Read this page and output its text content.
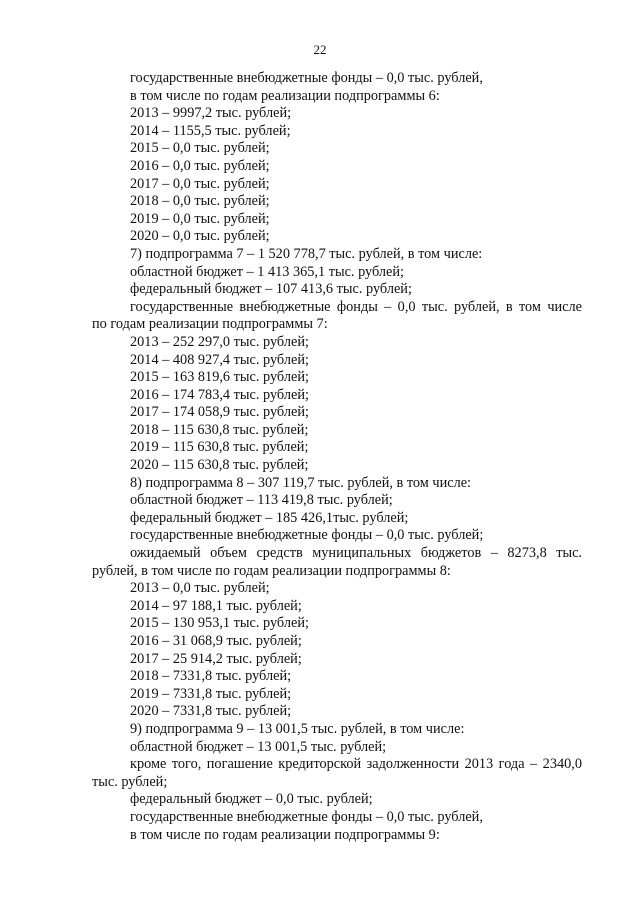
22
государственные внебюджетные фонды – 0,0 тыс. рублей,
в том числе по годам реализации подпрограммы 6:
2013 – 9997,2 тыс. рублей;
2014 – 1155,5 тыс. рублей;
2015 – 0,0 тыс. рублей;
2016 – 0,0 тыс. рублей;
2017 – 0,0 тыс. рублей;
2018 – 0,0 тыс. рублей;
2019 – 0,0 тыс. рублей;
2020 – 0,0 тыс. рублей;
7) подпрограмма 7 – 1 520 778,7 тыс. рублей, в том числе:
областной бюджет – 1 413 365,1 тыс. рублей;
федеральный бюджет – 107 413,6 тыс. рублей;
государственные внебюджетные фонды – 0,0 тыс. рублей, в том числе
по годам реализации подпрограммы 7:
2013 – 252 297,0 тыс. рублей;
2014 – 408 927,4 тыс. рублей;
2015 – 163 819,6 тыс. рублей;
2016 – 174 783,4 тыс. рублей;
2017 – 174 058,9 тыс. рублей;
2018 – 115 630,8 тыс. рублей;
2019 – 115 630,8 тыс. рублей;
2020 – 115 630,8 тыс. рублей;
8) подпрограмма 8 – 307 119,7 тыс. рублей, в том числе:
областной бюджет – 113 419,8 тыс. рублей;
федеральный бюджет – 185 426,1тыс. рублей;
государственные внебюджетные фонды – 0,0 тыс. рублей;
ожидаемый объем средств муниципальных бюджетов – 8273,8 тыс.
рублей, в том числе по годам реализации подпрограммы 8:
2013 – 0,0 тыс. рублей;
2014 – 97 188,1 тыс. рублей;
2015 – 130 953,1 тыс. рублей;
2016 – 31 068,9 тыс. рублей;
2017 – 25 914,2 тыс. рублей;
2018 – 7331,8 тыс. рублей;
2019 – 7331,8 тыс. рублей;
2020 – 7331,8 тыс. рублей;
9) подпрограмма 9 – 13 001,5 тыс. рублей, в том числе:
областной бюджет – 13 001,5 тыс. рублей;
кроме того, погашение кредиторской задолженности 2013 года – 2340,0
тыс. рублей;
федеральный бюджет – 0,0 тыс. рублей;
государственные внебюджетные фонды – 0,0 тыс. рублей,
в том числе по годам реализации подпрограммы 9:
